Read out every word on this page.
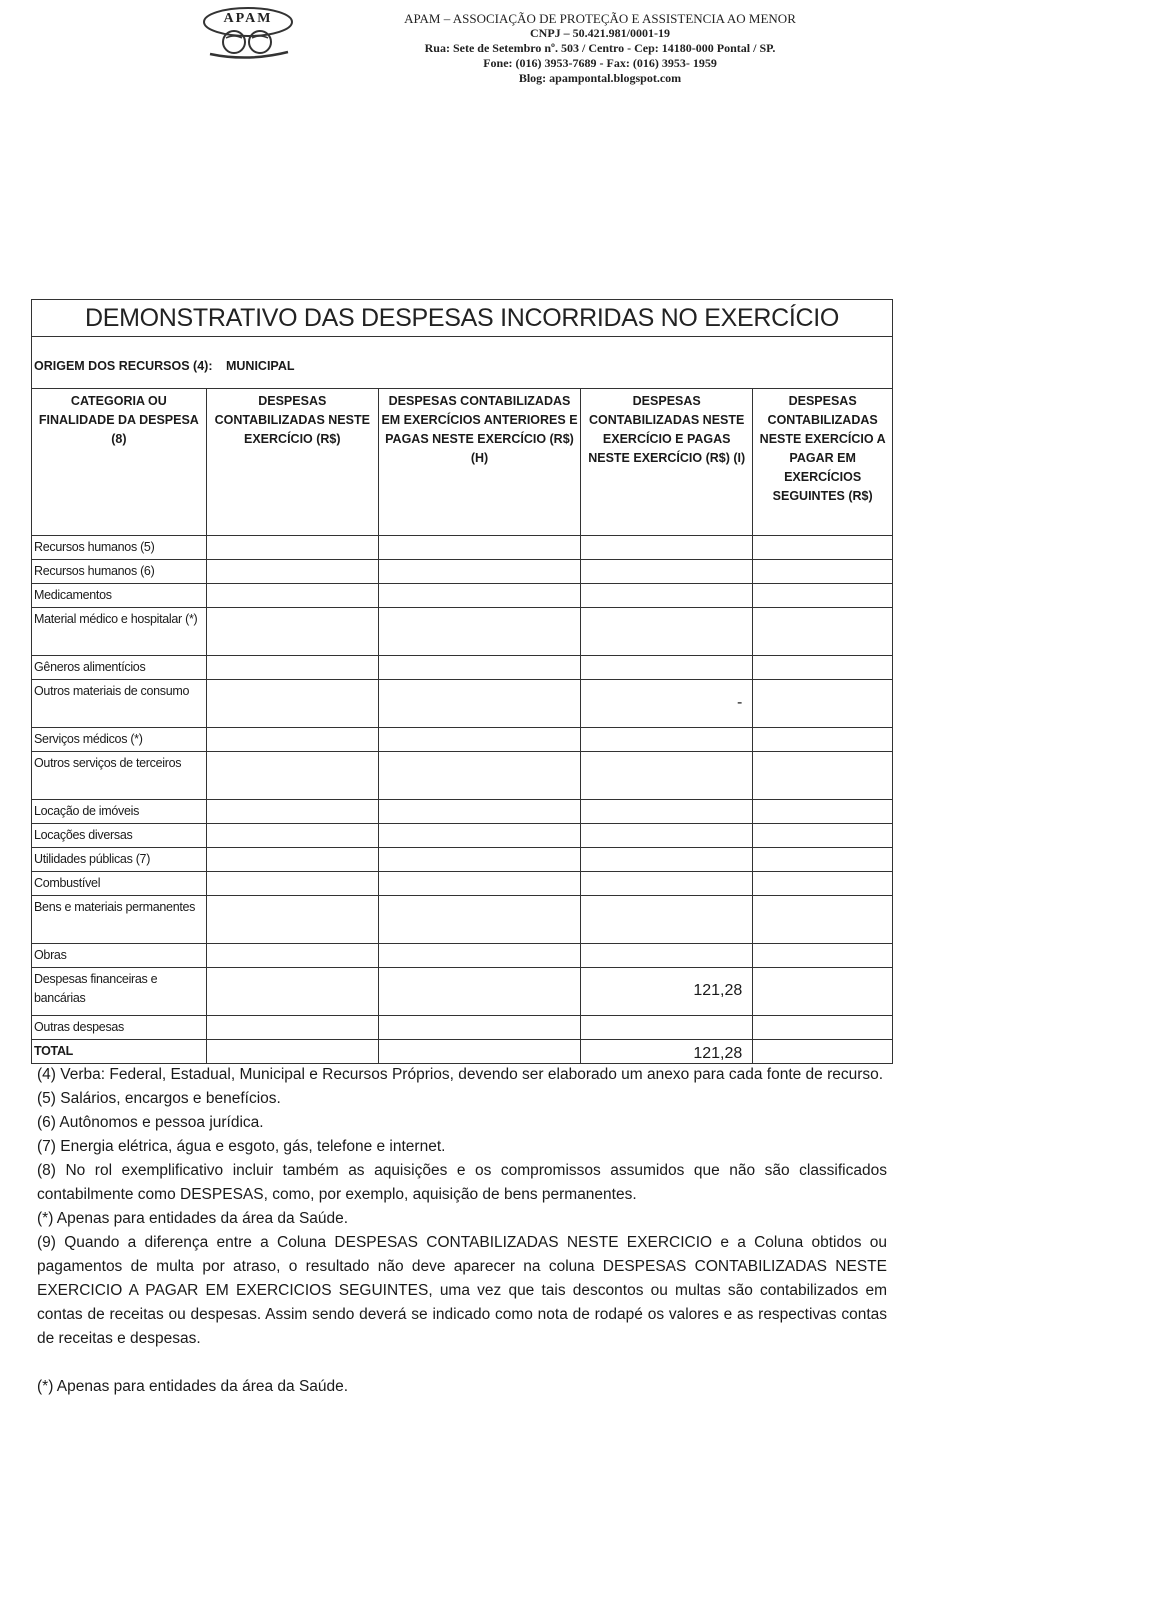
APAM	APAM – ASSOCIAÇÃO DE PROTEÇÃO E ASSISTENCIA AO MENOR
CNPJ – 50.421.981/0001-19
Rua: Sete de Setembro nº. 503 / Centro - Cep: 14180-000 Pontal / SP.
Fone: (016) 3953-7689 - Fax: (016) 3953- 1959
Blog: apampontal.blogspot.com
DEMONSTRATIVO DAS DESPESAS INCORRIDAS NO EXERCÍCIO
ORIGEM DOS RECURSOS (4): MUNICIPAL
CATEGORIA OU FINALIDADE DA DESPESA (8)	DESPESAS CONTABILIZADAS NESTE EXERCÍCIO (R$)	DESPESAS CONTABILIZADAS EM EXERCÍCIOS ANTERIORES E PAGAS NESTE EXERCÍCIO (R$) (H)	DESPESAS CONTABILIZADAS NESTE EXERCÍCIO E PAGAS NESTE EXERCÍCIO (R$) (I)	DESPESAS CONTABILIZADAS NESTE EXERCÍCIO A PAGAR EM EXERCÍCIOS SEGUINTES (R$)
Recursos humanos (5)				
Recursos humanos (6)				
Medicamentos				
Material médico e hospitalar (*)				
Gêneros alimentícios				
Outros materiais de consumo			-	
Serviços médicos (*)				
Outros serviços de terceiros				
Locação de imóveis				
Locações diversas				
Utilidades públicas (7)				
Combustível				
Bens e materiais permanentes				
Obras				
Despesas financeiras e bancárias			121,28	
Outras despesas				
TOTAL			121,28	
(4) Verba: Federal, Estadual, Municipal e Recursos Próprios, devendo ser elaborado um anexo para cada fonte de recurso.
(5) Salários, encargos e benefícios.
(6) Autônomos e pessoa jurídica.
(7) Energia elétrica, água e esgoto, gás, telefone e internet.
(8) No rol exemplificativo incluir também as aquisições e os compromissos assumidos que não são classificados contabilmente como DESPESAS, como, por exemplo, aquisição de bens permanentes.
(*) Apenas para entidades da área da Saúde.
(9) Quando a diferença entre a Coluna DESPESAS CONTABILIZADAS NESTE EXERCICIO e a Coluna obtidos ou pagamentos de multa por atraso, o resultado não deve aparecer na coluna DESPESAS CONTABILIZADAS NESTE EXERCICIO A PAGAR EM EXERCICIOS SEGUINTES, uma vez que tais descontos ou multas são contabilizados em contas de receitas ou despesas. Assim sendo deverá se indicado como nota de rodapé os valores e as respectivas contas de receitas e despesas.
(*) Apenas para entidades da área da Saúde.
